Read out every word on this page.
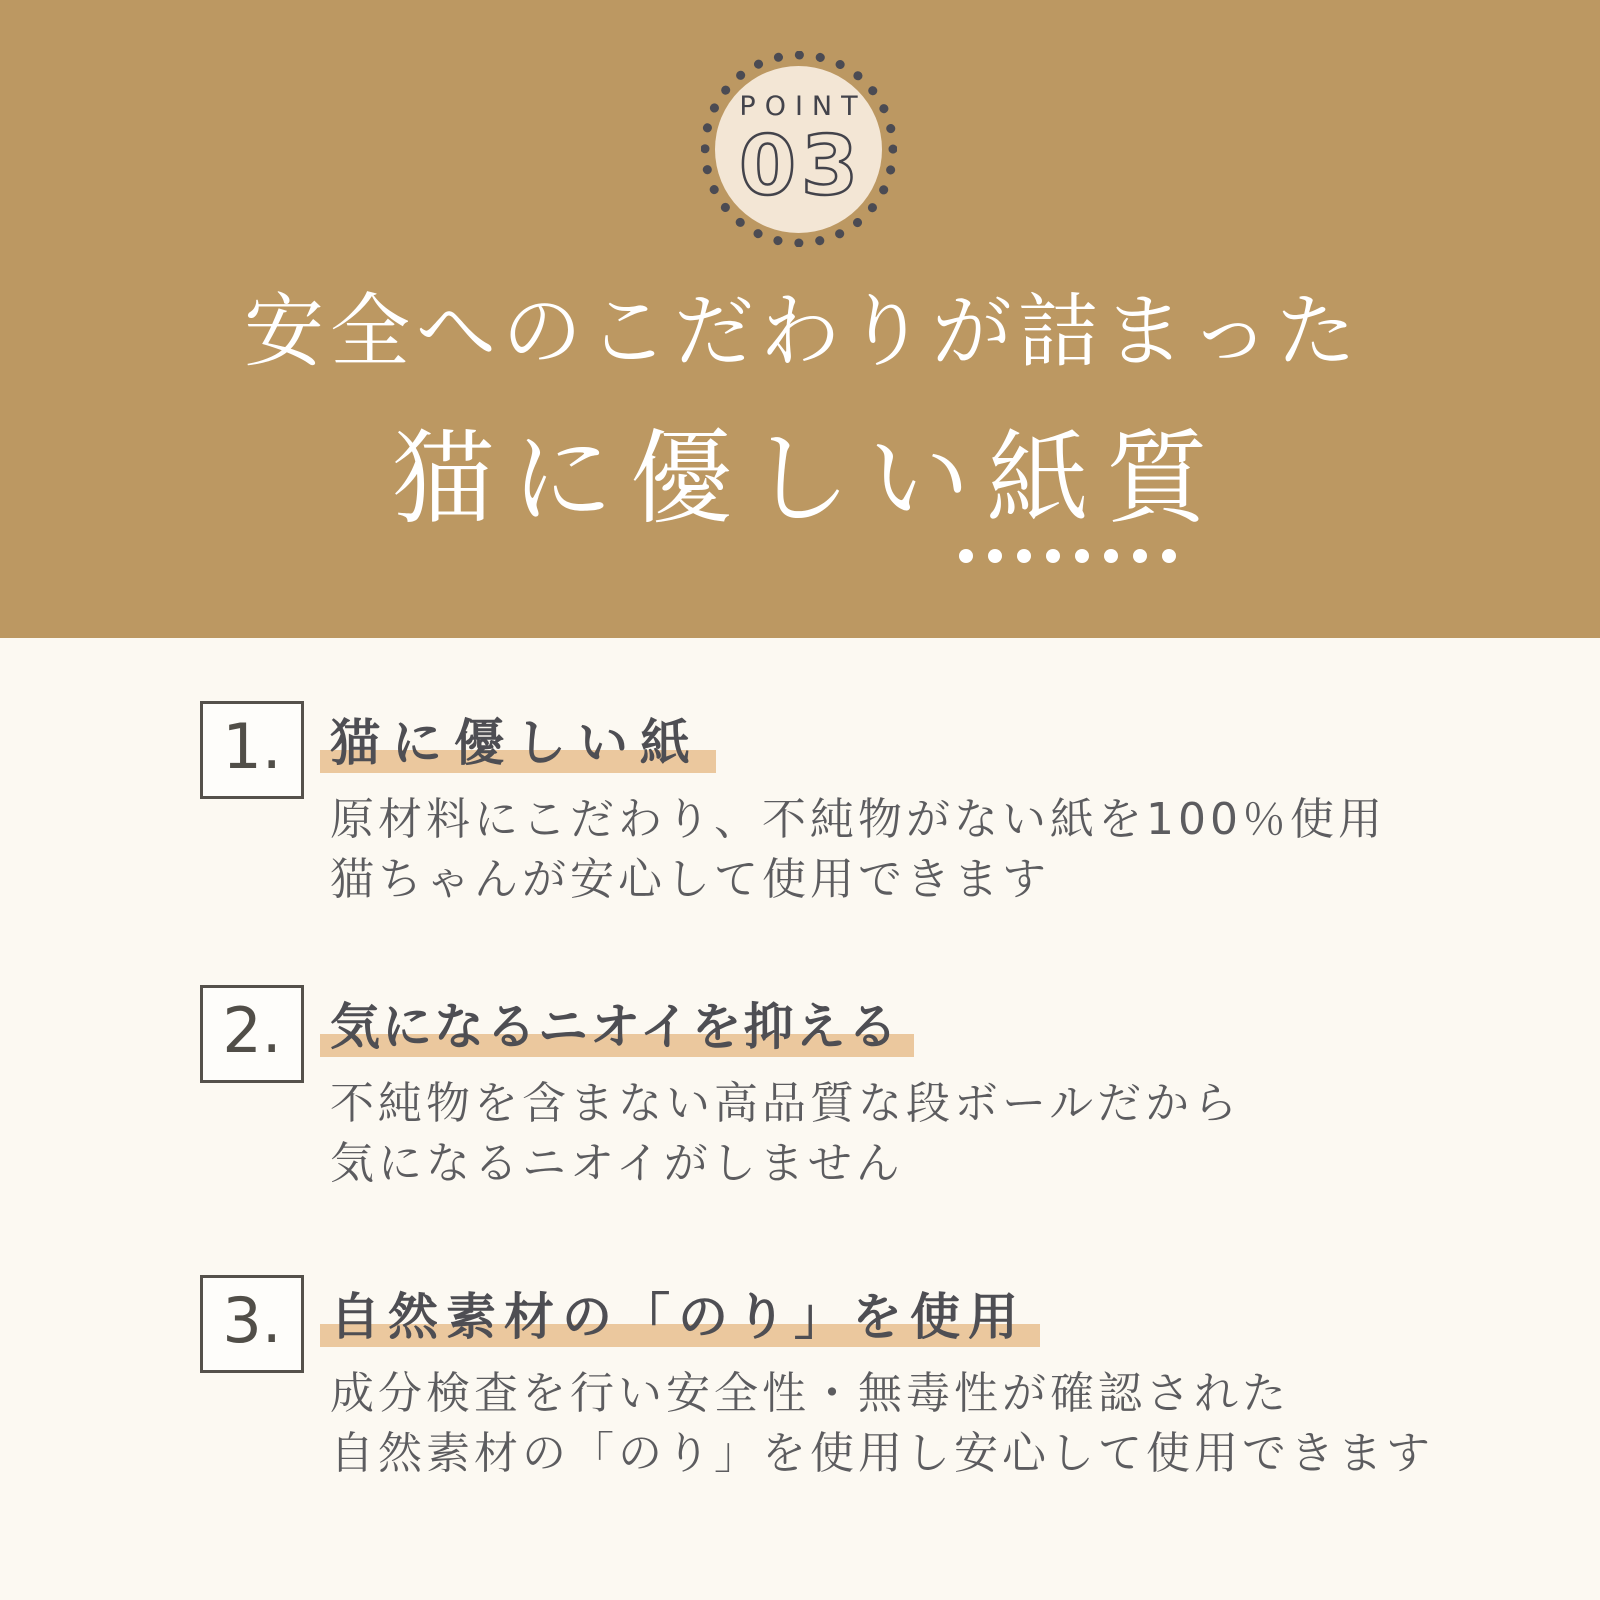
POINT
03
安全へのこだわりが詰まった
猫に優しい紙質
1. 猫に優しい紙
原材料にこだわり、不純物がない紙を100％使用
猫ちゃんが安心して使用できます
2. 気になるニオイを抑える
不純物を含まない高品質な段ボールだから
気になるニオイがしません
3. 自然素材の「のり」を使用
成分検査を行い安全性・無毒性が確認された
自然素材の「のり」を使用し安心して使用できます
